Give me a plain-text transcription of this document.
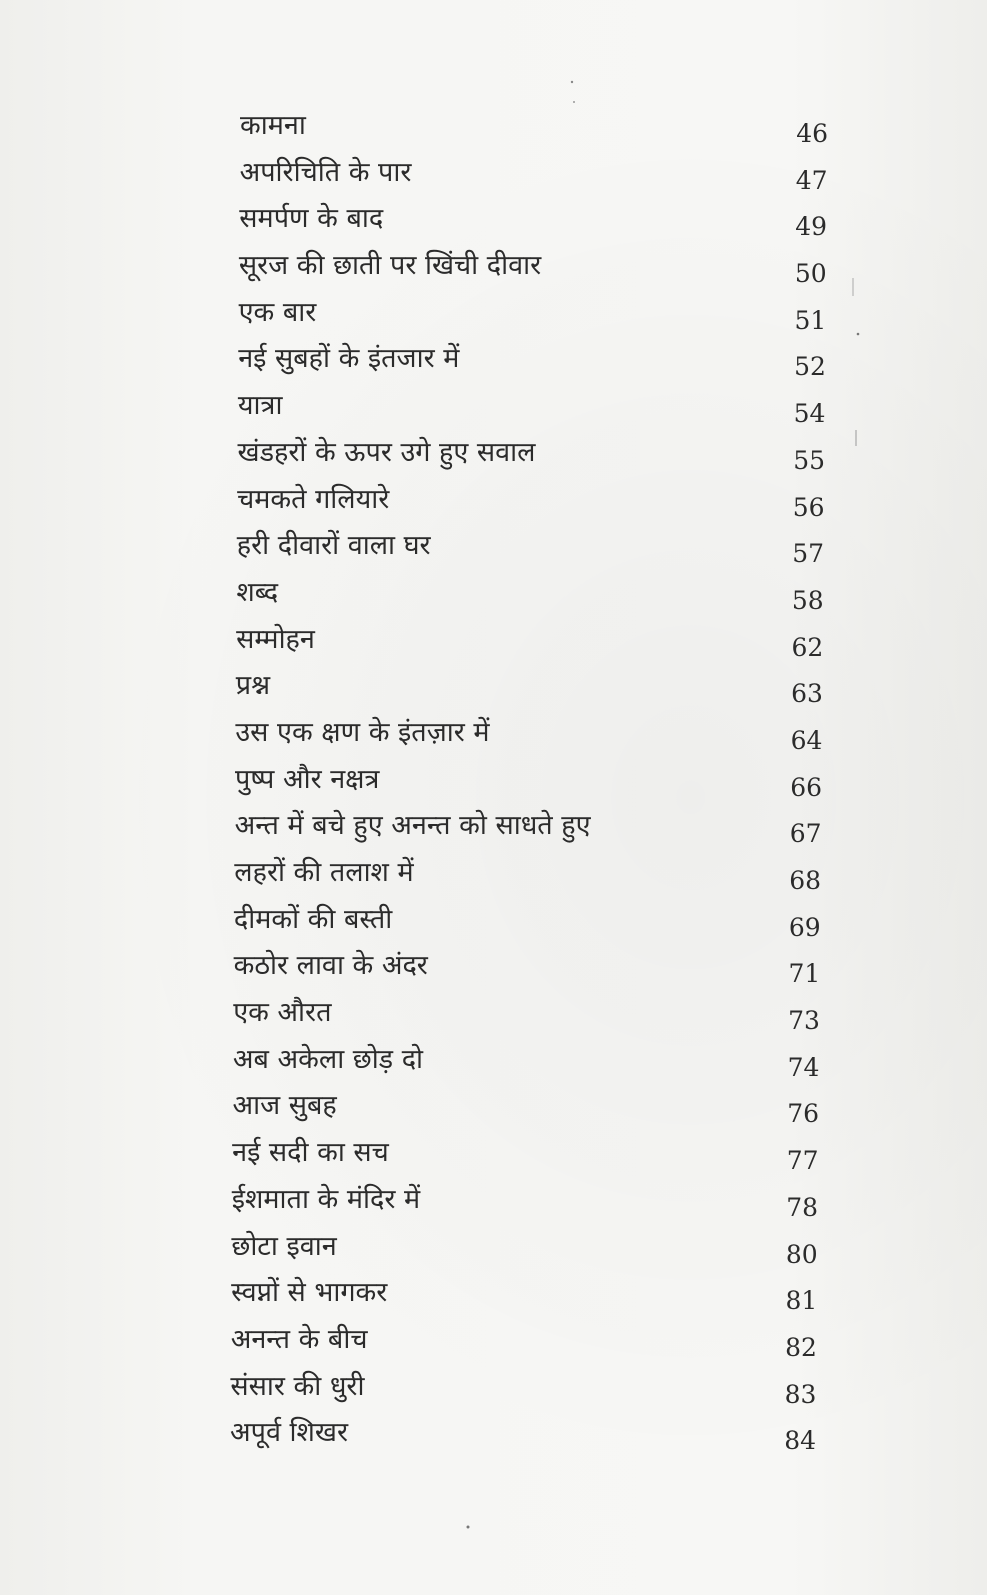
कामना	46
अपरिचिति के पार	47
समर्पण के बाद	49
सूरज की छाती पर खिंची दीवार	50
एक बार	51
नई सुबहों के इंतजार में	52
यात्रा	54
खंडहरों के ऊपर उगे हुए सवाल	55
चमकते गलियारे	56
हरी दीवारों वाला घर	57
शब्द	58
सम्मोहन	62
प्रश्न	63
उस एक क्षण के इंतज़ार में	64
पुष्प और नक्षत्र	66
अन्त में बचे हुए अनन्त को साधते हुए	67
लहरों की तलाश में	68
दीमकों की बस्ती	69
कठोर लावा के अंदर	71
एक औरत	73
अब अकेला छोड़ दो	74
आज सुबह	76
नई सदी का सच	77
ईशमाता के मंदिर में	78
छोटा इवान	80
स्वप्नों से भागकर	81
अनन्त के बीच	82
संसार की धुरी	83
अपूर्व शिखर	84
